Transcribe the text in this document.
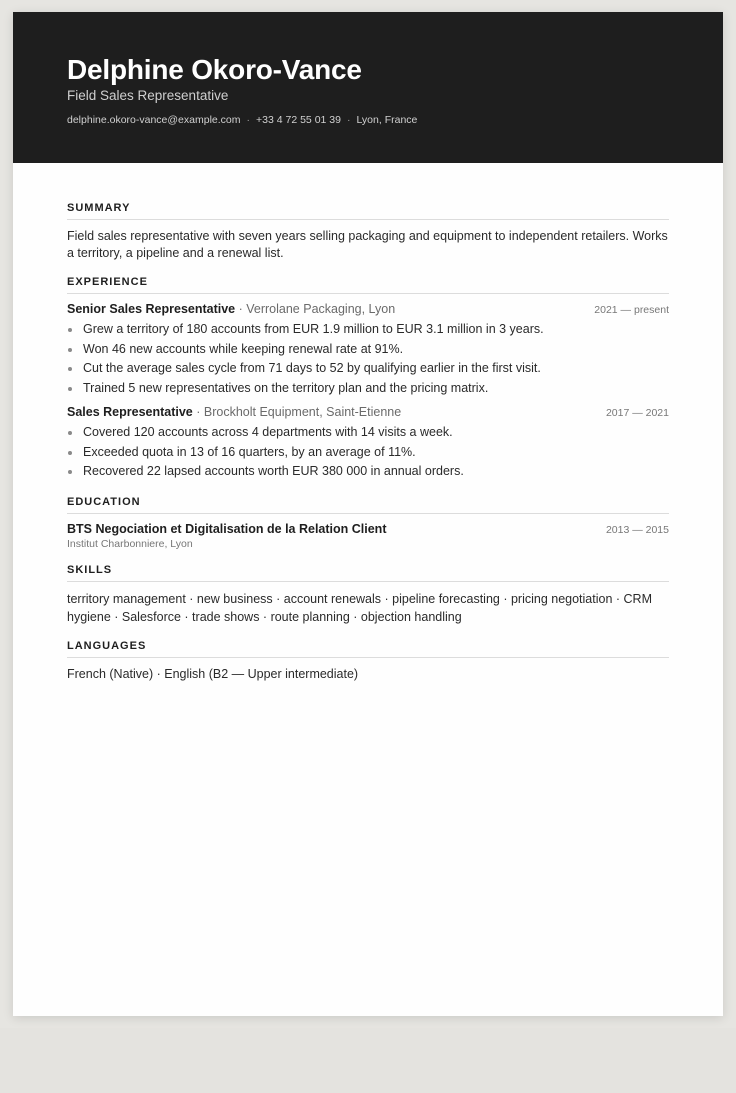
Delphine Okoro-Vance
Field Sales Representative
delphine.okoro-vance@example.com · +33 4 72 55 01 39 · Lyon, France
SUMMARY
Field sales representative with seven years selling packaging and equipment to independent retailers. Works a territory, a pipeline and a renewal list.
EXPERIENCE
Senior Sales Representative · Verrolane Packaging, Lyon	2021 — present
Grew a territory of 180 accounts from EUR 1.9 million to EUR 3.1 million in 3 years.
Won 46 new accounts while keeping renewal rate at 91%.
Cut the average sales cycle from 71 days to 52 by qualifying earlier in the first visit.
Trained 5 new representatives on the territory plan and the pricing matrix.
Sales Representative · Brockholt Equipment, Saint-Etienne	2017 — 2021
Covered 120 accounts across 4 departments with 14 visits a week.
Exceeded quota in 13 of 16 quarters, by an average of 11%.
Recovered 22 lapsed accounts worth EUR 380 000 in annual orders.
EDUCATION
BTS Negociation et Digitalisation de la Relation Client	2013 — 2015
Institut Charbonniere, Lyon
SKILLS
territory management · new business · account renewals · pipeline forecasting · pricing negotiation · CRM hygiene · Salesforce · trade shows · route planning · objection handling
LANGUAGES
French (Native) · English (B2 — Upper intermediate)
